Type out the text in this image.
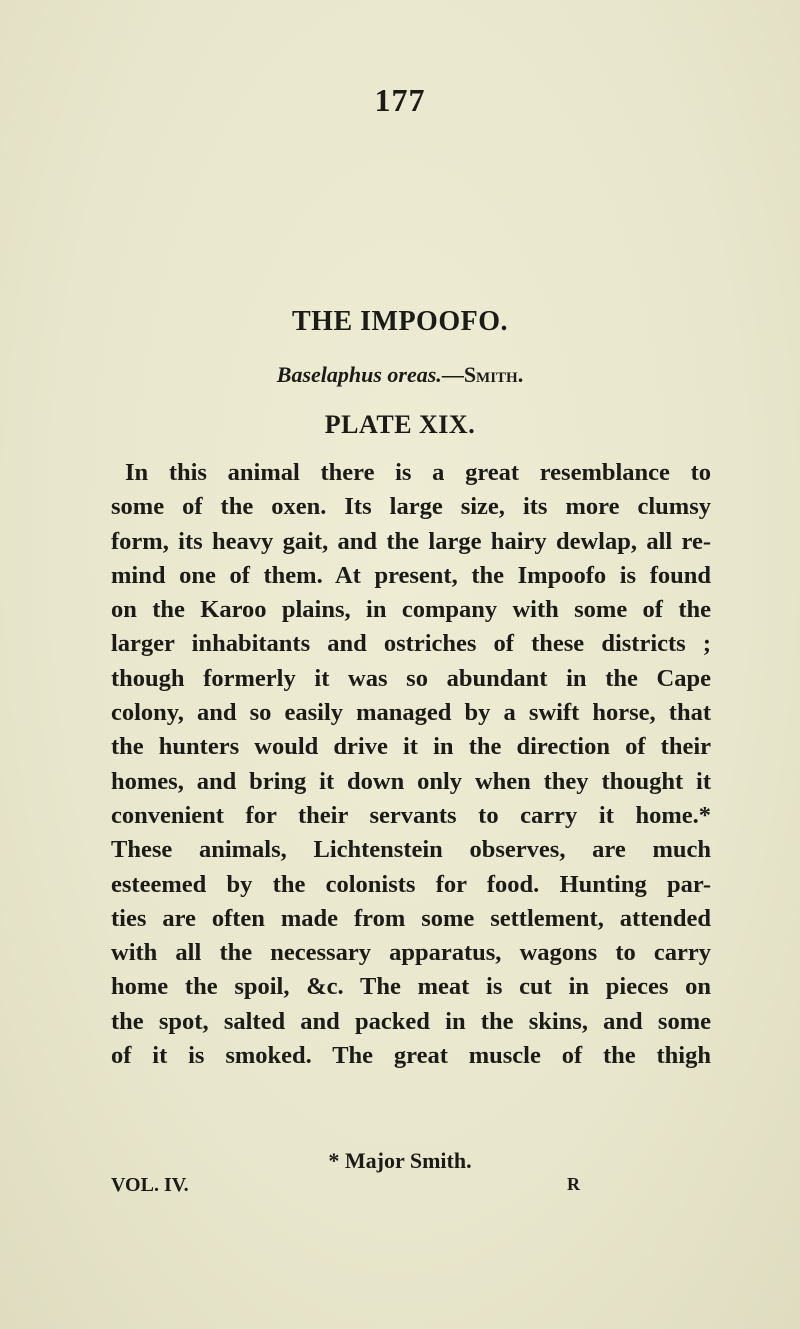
177
THE IMPOOFO.
Baselaphus oreas.—Smith.
PLATE XIX.
In this animal there is a great resemblance to
some of the oxen. Its large size, its more clumsy
form, its heavy gait, and the large hairy dewlap, all re-
mind one of them. At present, the Impoofo is found
on the Karoo plains, in company with some of the
larger inhabitants and ostriches of these districts ;
though formerly it was so abundant in the Cape
colony, and so easily managed by a swift horse, that
the hunters would drive it in the direction of their
homes, and bring it down only when they thought it
convenient for their servants to carry it home.*
These animals, Lichtenstein observes, are much
esteemed by the colonists for food. Hunting par-
ties are often made from some settlement, attended
with all the necessary apparatus, wagons to carry
home the spoil, &c. The meat is cut in pieces on
the spot, salted and packed in the skins, and some
of it is smoked. The great muscle of the thigh
* Major Smith.
VOL. IV.	R
